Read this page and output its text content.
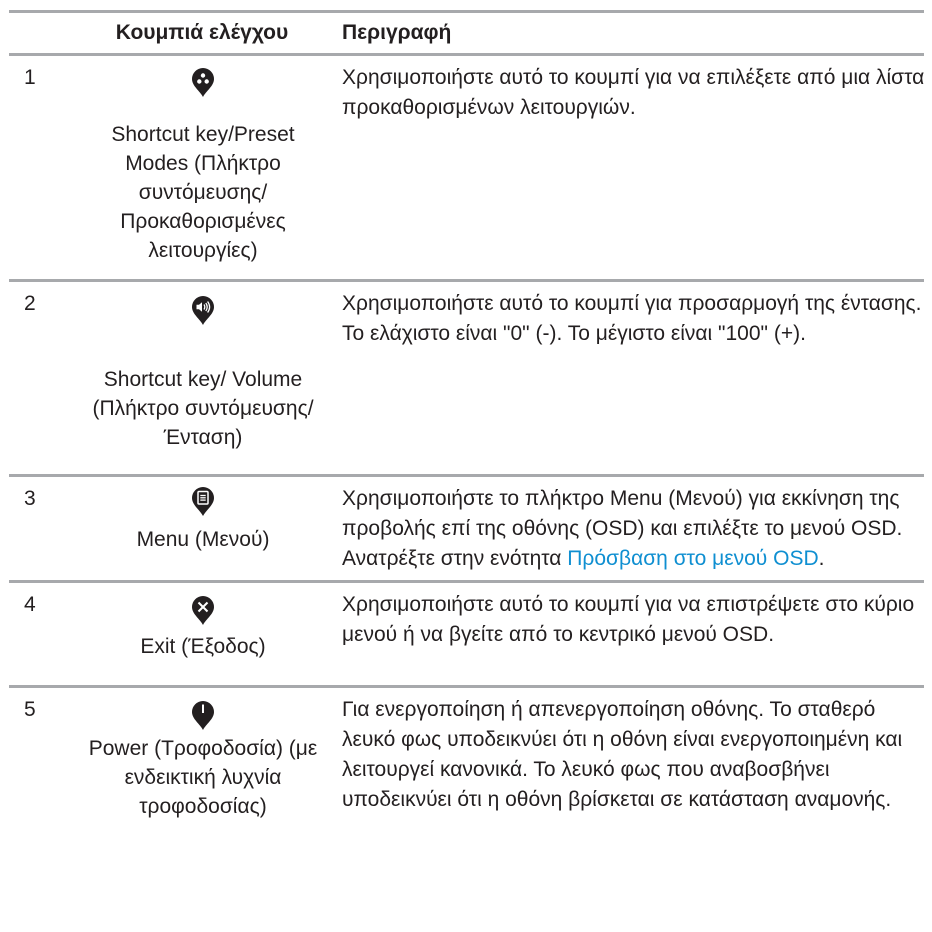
Κουμπιά ελέγχου	Περιγραφή
1
Shortcut key/Preset Modes (Πλήκτρο συντόμευσης/ Προκαθορισμένες λειτουργίες)
Χρησιμοποιήστε αυτό το κουμπί για να επιλέξετε από μια λίστα προκαθορισμένων λειτουργιών.
2
Shortcut key/ Volume (Πλήκτρο συντόμευσης/ Ένταση)
Χρησιμοποιήστε αυτό το κουμπί για προσαρμογή της έντασης. Το ελάχιστο είναι "0" (-). Το μέγιστο είναι "100" (+).
3
Menu (Μενού)
Χρησιμοποιήστε το πλήκτρο Menu (Μενού) για εκκίνηση της προβολής επί της οθόνης (OSD) και επιλέξτε το μενού OSD. Ανατρέξτε στην ενότητα Πρόσβαση στο μενού OSD.
4
Exit (Έξοδος)
Χρησιμοποιήστε αυτό το κουμπί για να επιστρέψετε στο κύριο μενού ή να βγείτε από το κεντρικό μενού OSD.
5
Power (Τροφοδοσία) (με ενδεικτική λυχνία τροφοδοσίας)
Για ενεργοποίηση ή απενεργοποίηση οθόνης. Το σταθερό λευκό φως υποδεικνύει ότι η οθόνη είναι ενεργοποιημένη και λειτουργεί κανονικά. Το λευκό φως που αναβοσβήνει υποδεικνύει ότι η οθόνη βρίσκεται σε κατάσταση αναμονής.
